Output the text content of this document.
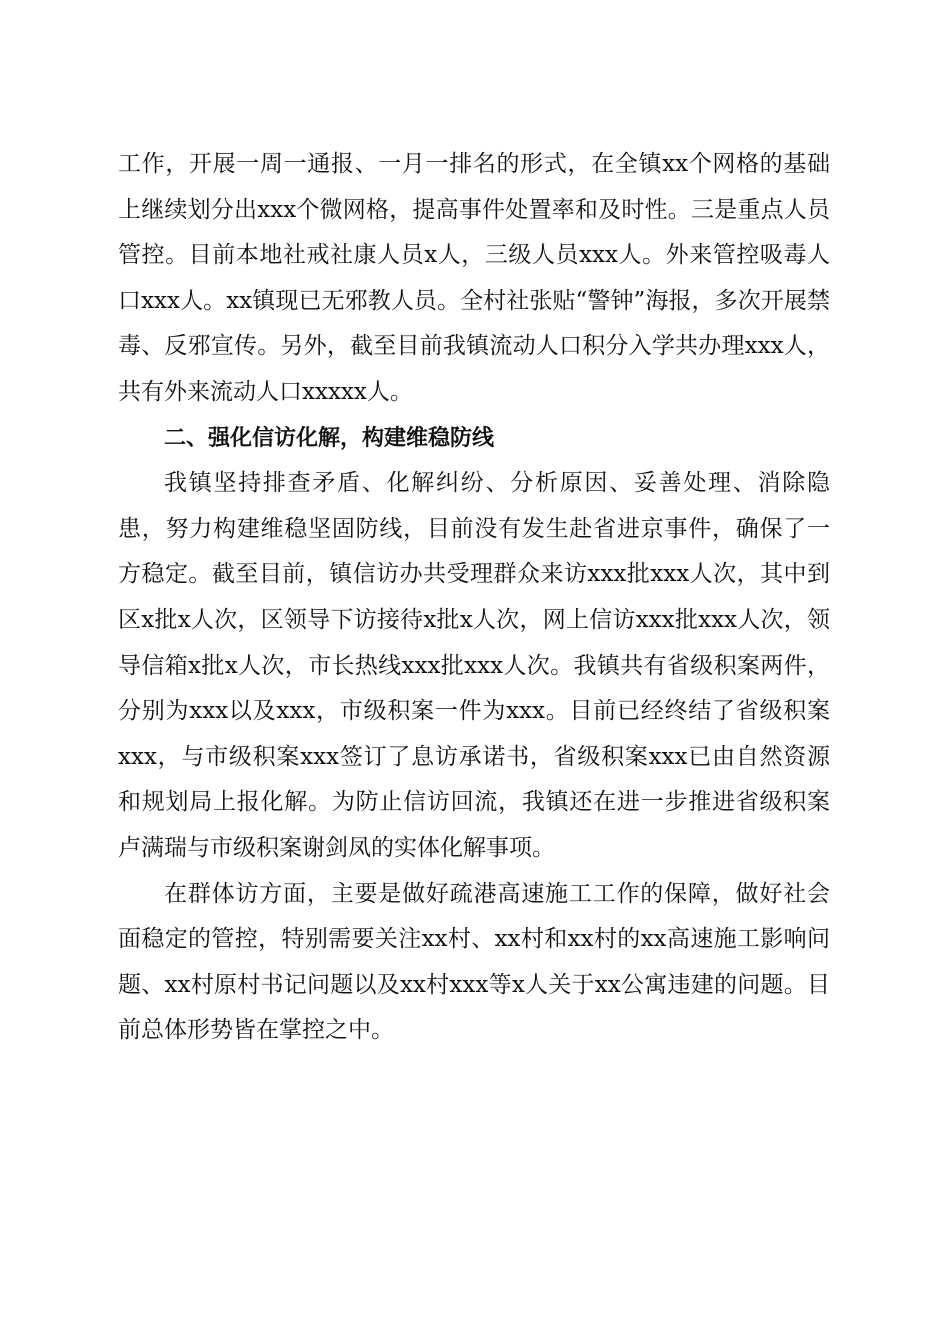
工作，开展一周一通报、一月一排名的形式，在全镇xx个网格的基础上继续划分出xxx个微网格，提高事件处置率和及时性。三是重点人员管控。目前本地社戒社康人员x人，三级人员xxx人。外来管控吸毒人口xxx人。xx镇现已无邪教人员。全村社张贴“警钟”海报，多次开展禁毒、反邪宣传。另外，截至目前我镇流动人口积分入学共办理xxx人，共有外来流动人口xxxxx人。

二、强化信访化解，构建维稳防线

我镇坚持排查矛盾、化解纠纷、分析原因、妥善处理、消除隐患，努力构建维稳坚固防线，目前没有发生赴省进京事件，确保了一方稳定。截至目前，镇信访办共受理群众来访xxx批xxx人次，其中到区x批x人次，区领导下访接待x批x人次，网上信访xxx批xxx人次，领导信箱x批x人次，市长热线xxx批xxx人次。我镇共有省级积案两件，分别为xxx以及xxx，市级积案一件为xxx。目前已经终结了省级积案xxx，与市级积案xxx签订了息访承诺书，省级积案xxx已由自然资源和规划局上报化解。为防止信访回流，我镇还在进一步推进省级积案卢满瑞与市级积案谢剑凤的实体化解事项。

在群体访方面，主要是做好疏港高速施工工作的保障，做好社会面稳定的管控，特别需要关注xx村、xx村和xx村的xx高速施工影响问题、xx村原村书记问题以及xx村xxx等x人关于xx公寓违建的问题。目前总体形势皆在掌控之中。
